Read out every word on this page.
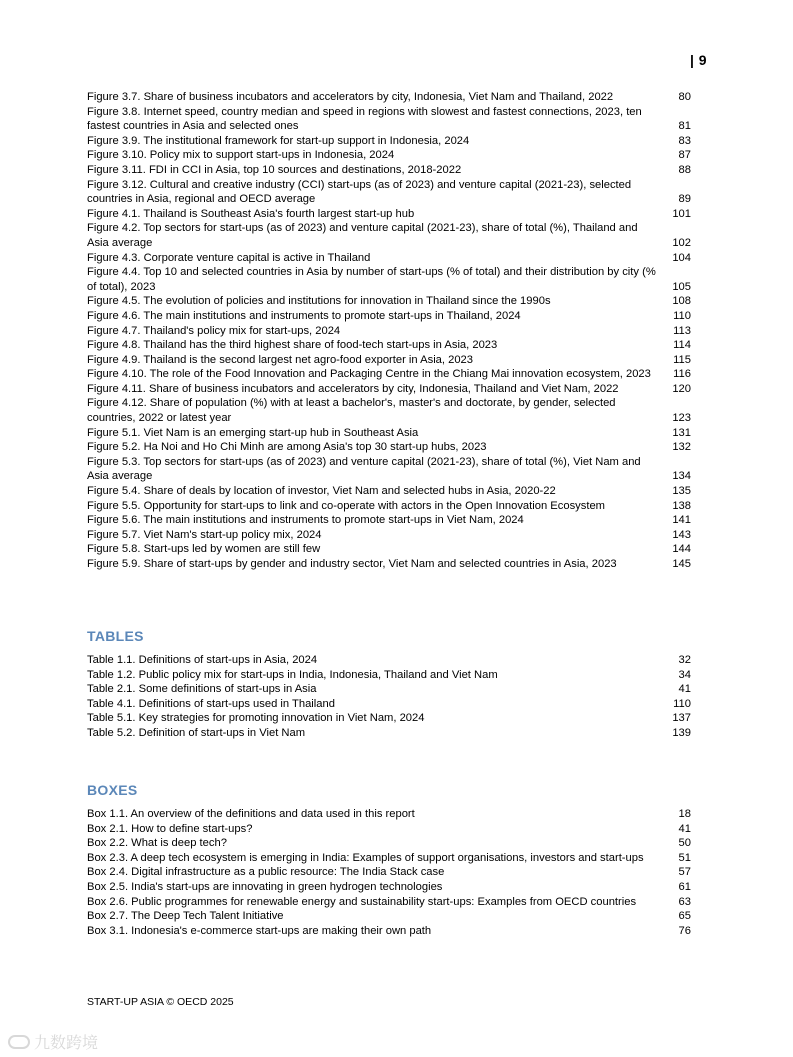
| 9
Figure 3.7. Share of business incubators and accelerators by city, Indonesia, Viet Nam and Thailand, 2022	80
Figure 3.8. Internet speed, country median and speed in regions with slowest and fastest connections, 2023, ten fastest countries in Asia and selected ones	81
Figure 3.9. The institutional framework for start-up support in Indonesia, 2024	83
Figure 3.10. Policy mix to support start-ups in Indonesia, 2024	87
Figure 3.11. FDI in CCI in Asia, top 10 sources and destinations, 2018-2022	88
Figure 3.12. Cultural and creative industry (CCI) start-ups (as of 2023) and venture capital (2021-23), selected countries in Asia, regional and OECD average	89
Figure 4.1. Thailand is Southeast Asia's fourth largest start-up hub	101
Figure 4.2. Top sectors for start-ups (as of 2023) and venture capital (2021-23), share of total (%), Thailand and Asia average	102
Figure 4.3. Corporate venture capital is active in Thailand	104
Figure 4.4. Top 10 and selected countries in Asia by number of start-ups (% of total) and their distribution by city (% of total), 2023	105
Figure 4.5. The evolution of policies and institutions for innovation in Thailand since the 1990s	108
Figure 4.6. The main institutions and instruments to promote start-ups in Thailand, 2024	110
Figure 4.7. Thailand's policy mix for start-ups, 2024	113
Figure 4.8. Thailand has the third highest share of food-tech start-ups in Asia, 2023	114
Figure 4.9. Thailand is the second largest net agro-food exporter in Asia, 2023	115
Figure 4.10. The role of the Food Innovation and Packaging Centre in the Chiang Mai innovation ecosystem, 2023	116
Figure 4.11. Share of business incubators and accelerators by city, Indonesia, Thailand and Viet Nam, 2022	120
Figure 4.12. Share of population (%) with at least a bachelor's, master's and doctorate, by gender, selected countries, 2022 or latest year	123
Figure 5.1. Viet Nam is an emerging start-up hub in Southeast Asia	131
Figure 5.2. Ha Noi and Ho Chi Minh are among Asia's top 30 start-up hubs, 2023	132
Figure 5.3. Top sectors for start-ups (as of 2023) and venture capital (2021-23), share of total (%), Viet Nam and Asia average	134
Figure 5.4. Share of deals by location of investor, Viet Nam and selected hubs in Asia, 2020-22	135
Figure 5.5. Opportunity for start-ups to link and co-operate with actors in the Open Innovation Ecosystem	138
Figure 5.6. The main institutions and instruments to promote start-ups in Viet Nam, 2024	141
Figure 5.7. Viet Nam's start-up policy mix, 2024	143
Figure 5.8. Start-ups led by women are still few	144
Figure 5.9. Share of start-ups by gender and industry sector, Viet Nam and selected countries in Asia, 2023	145
TABLES
Table 1.1. Definitions of start-ups in Asia, 2024	32
Table 1.2. Public policy mix for start-ups in India, Indonesia, Thailand and Viet Nam	34
Table 2.1. Some definitions of start-ups in Asia	41
Table 4.1. Definitions of start-ups used in Thailand	110
Table 5.1. Key strategies for promoting innovation in Viet Nam, 2024	137
Table 5.2. Definition of start-ups in Viet Nam	139
BOXES
Box 1.1. An overview of the definitions and data used in this report	18
Box 2.1. How to define start-ups?	41
Box 2.2. What is deep tech?	50
Box 2.3. A deep tech ecosystem is emerging in India: Examples of support organisations, investors and start-ups	51
Box 2.4. Digital infrastructure as a public resource: The India Stack case	57
Box 2.5. India's start-ups are innovating in green hydrogen technologies	61
Box 2.6. Public programmes for renewable energy and sustainability start-ups: Examples from OECD countries	63
Box 2.7. The Deep Tech Talent Initiative	65
Box 3.1. Indonesia's e-commerce start-ups are making their own path	76
START-UP ASIA © OECD 2025
九数跨境
